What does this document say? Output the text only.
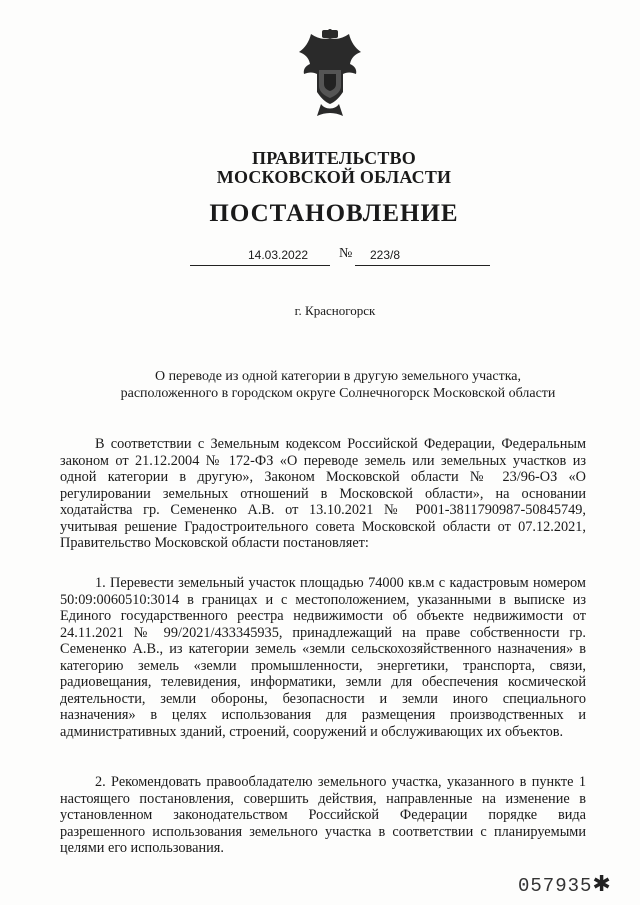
ПРАВИТЕЛЬСТВО
МОСКОВСКОЙ ОБЛАСТИ
ПОСТАНОВЛЕНИЕ
14.03.2022 № 223/8
г. Красногорск
О переводе из одной категории в другую земельного участка,
расположенного в городском округе Солнечногорск Московской области
В соответствии с Земельным кодексом Российской Федерации, Федеральным законом от 21.12.2004 № 172-ФЗ «О переводе земель или земельных участков из одной категории в другую», Законом Московской области № 23/96-ОЗ «О регулировании земельных отношений в Московской области», на основании ходатайства гр. Семененко А.В. от 13.10.2021 № Р001-3811790987-50845749, учитывая решение Градостроительного совета Московской области от 07.12.2021, Правительство Московской области постановляет:
1. Перевести земельный участок площадью 74000 кв.м с кадастровым номером 50:09:0060510:3014 в границах и с местоположением, указанными в выписке из Единого государственного реестра недвижимости об объекте недвижимости от 24.11.2021 № 99/2021/433345935, принадлежащий на праве собственности гр. Семененко А.В., из категории земель «земли сельскохозяйственного назначения» в категорию земель «земли промышленности, энергетики, транспорта, связи, радиовещания, телевидения, информатики, земли для обеспечения космической деятельности, земли обороны, безопасности и земли иного специального назначения» в целях использования для размещения производственных и административных зданий, строений, сооружений и обслуживающих их объектов.
2. Рекомендовать правообладателю земельного участка, указанного в пункте 1 настоящего постановления, совершить действия, направленные на изменение в установленном законодательством Российской Федерации порядке вида разрешенного использования земельного участка в соответствии с планируемыми целями его использования.
057935✱
